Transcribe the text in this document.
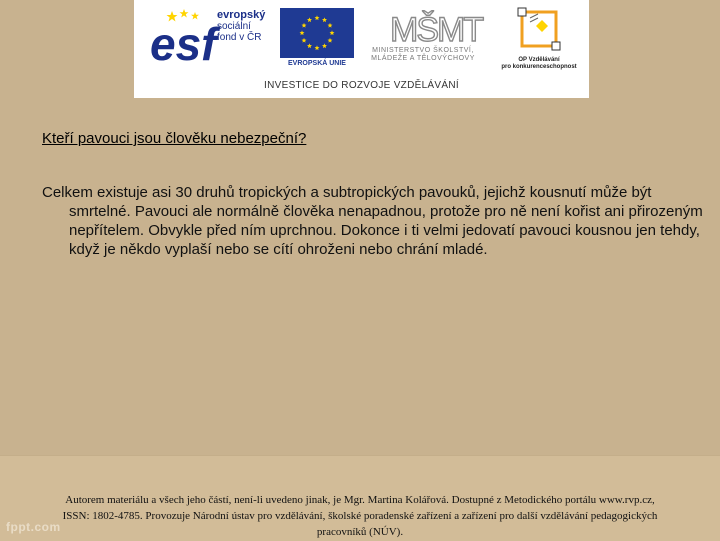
esf
evropský
sociální
fond v ČR
EVROPSKÁ UNIE
MŠMT
MINISTERSTVO ŠKOLSTVÍ,
MLÁDEŽE A TĚLOVÝCHOVY	OP Vzdělávání
pro konkurenceschopnost
INVESTICE DO ROZVOJE VZDĚLÁVÁNÍ
Kteří pavouci jsou člověku nebezpeční?

Celkem existuje asi 30 druhů tropických a subtropických pavouků, jejichž kousnutí může být smrtelné. Pavouci ale normálně člověka nenapadnou, protože pro ně není kořist ani přirozeným nepřítelem. Obvykle před ním uprchnou. Dokonce i ti velmi jedovatí pavouci kousnou jen tehdy, když je někdo vyplaší nebo se cítí ohroženi nebo chrání mladé.

Autorem materiálu a všech jeho částí, není-li uvedeno jinak, je Mgr. Martina Kolářová. Dostupné z Metodického portálu www.rvp.cz, ISSN: 1802-4785. Provozuje Národní ústav pro vzdělávání, školské poradenské zařízení a zařízení pro další vzdělávání pedagogických pracovníků (NÚV).

fppt.com
